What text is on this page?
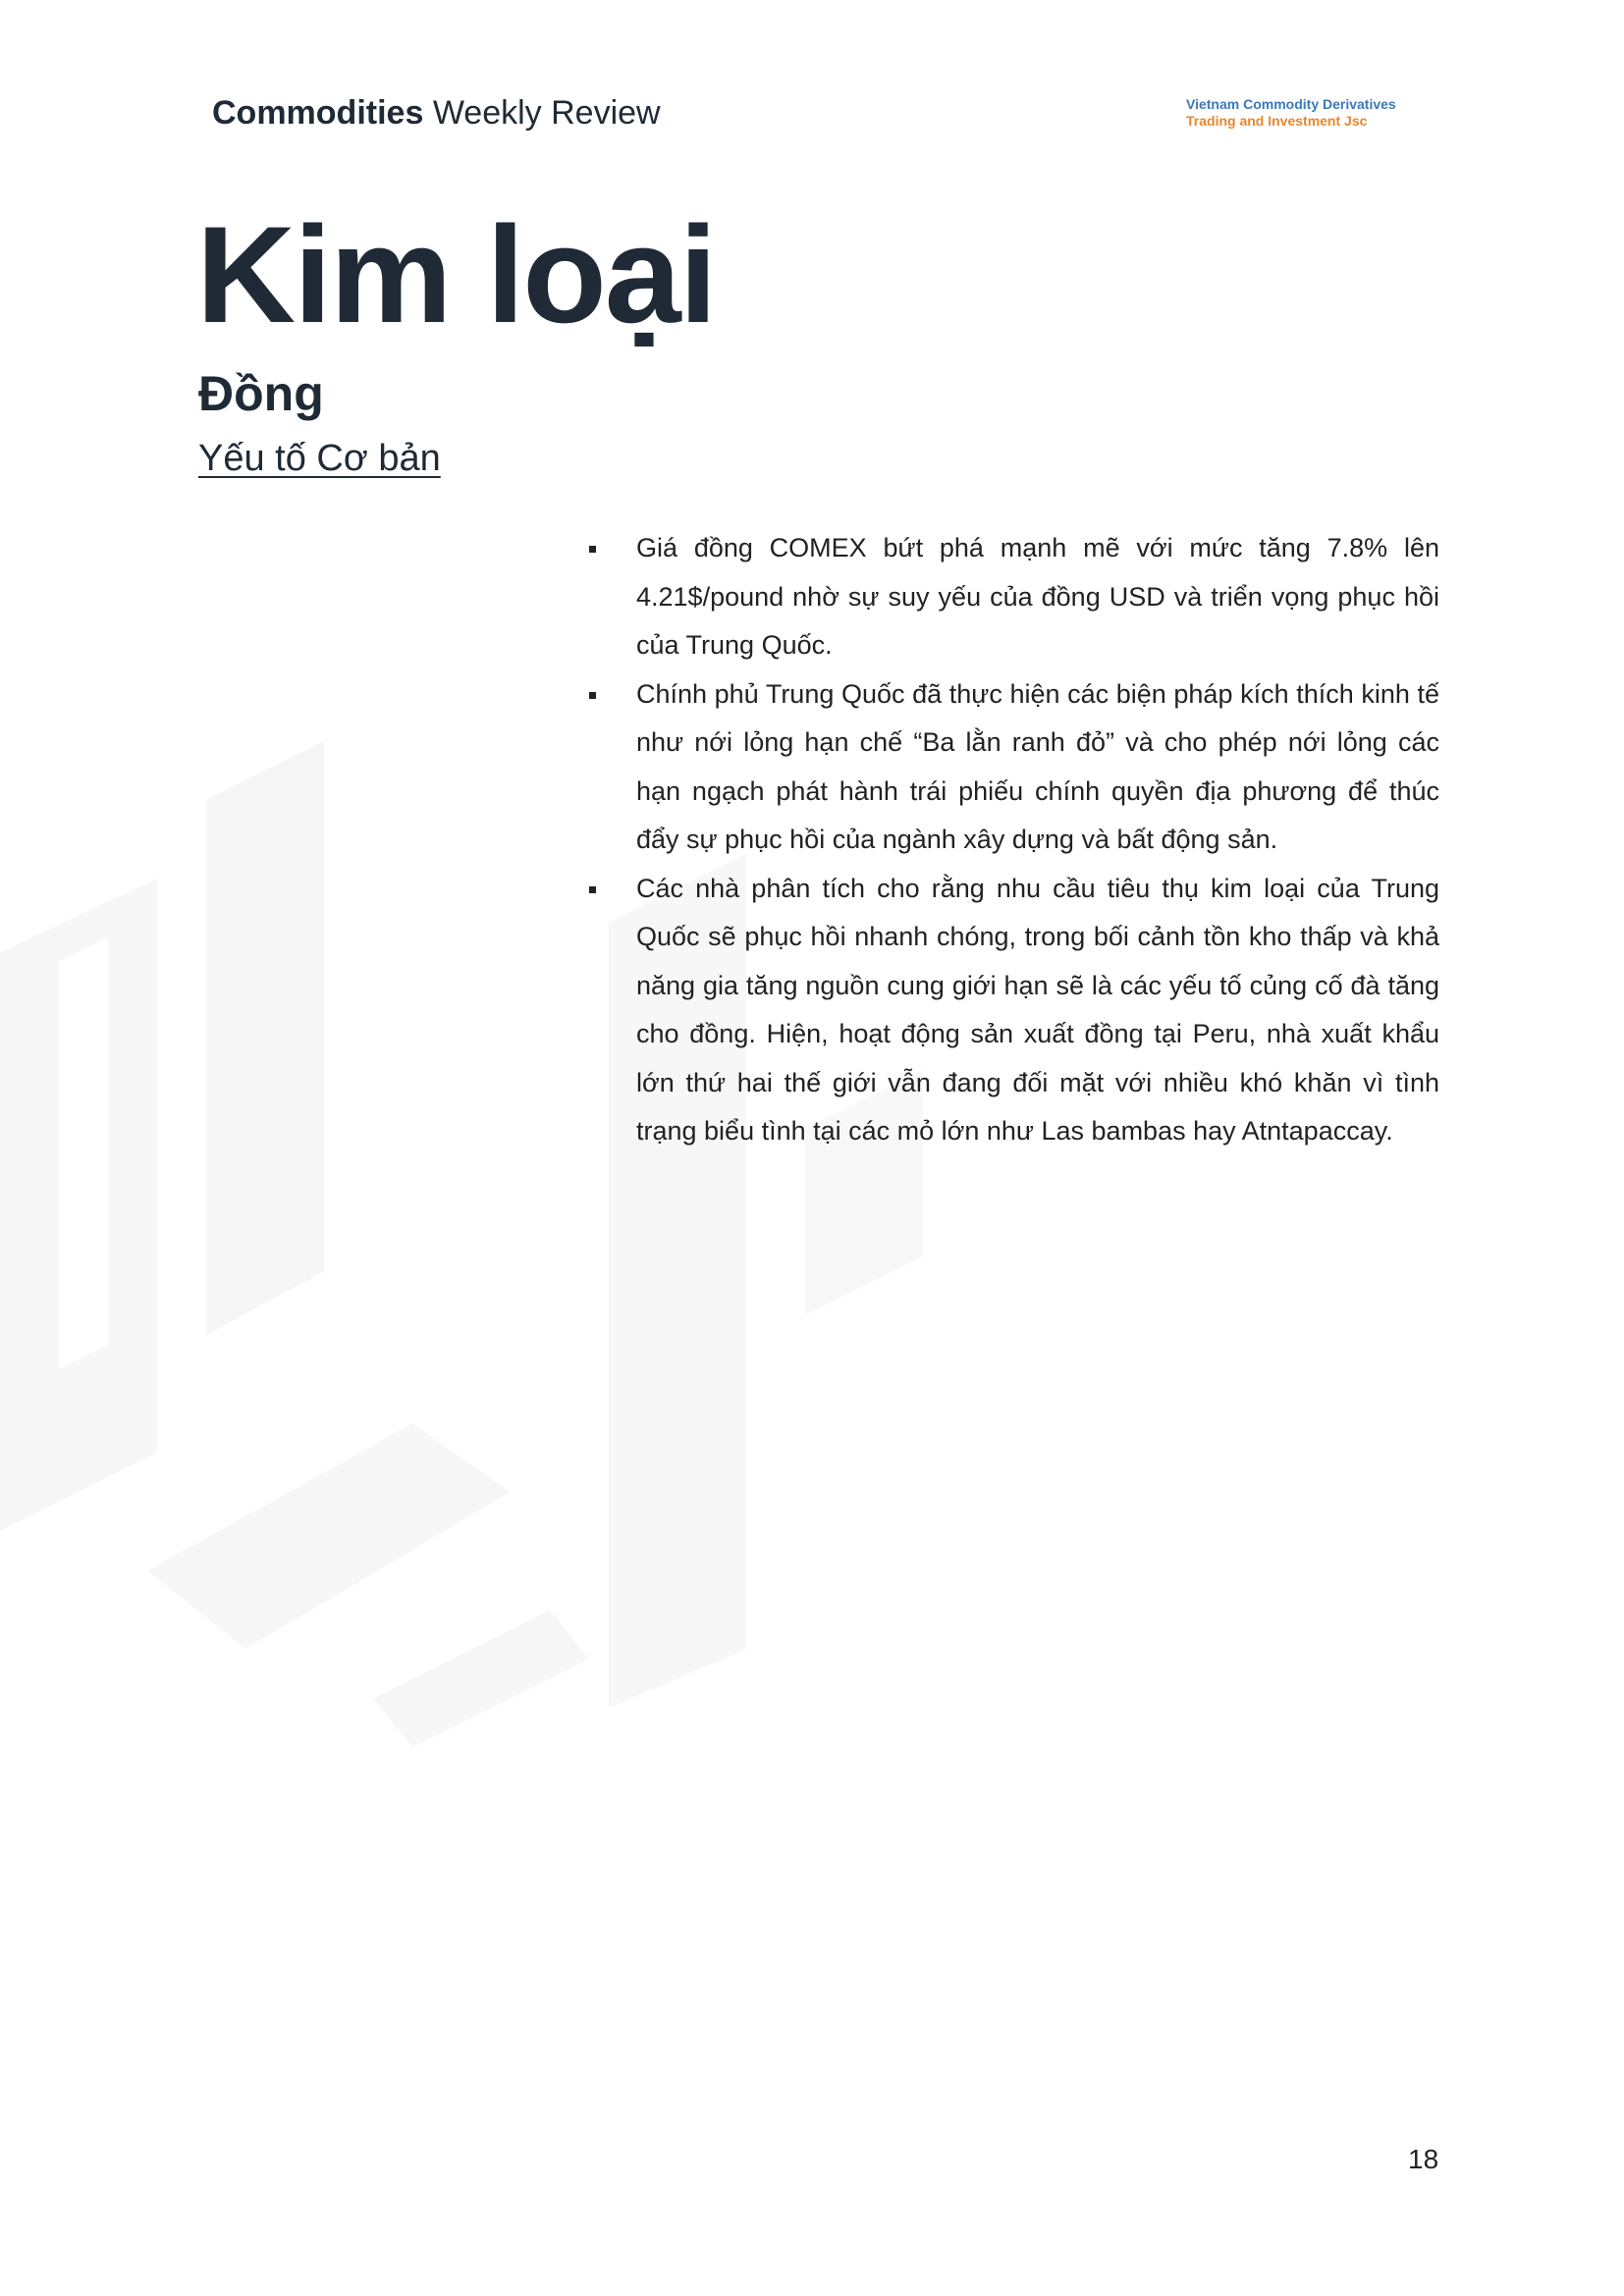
Commodities Weekly Review	Vietnam Commodity Derivatives
Trading and Investment Jsc
Kim loại
Đồng
Yếu tố Cơ bản
Giá đồng COMEX bứt phá mạnh mẽ với mức tăng 7.8% lên 4.21$/pound nhờ sự suy yếu của đồng USD và triển vọng phục hồi của Trung Quốc.
Chính phủ Trung Quốc đã thực hiện các biện pháp kích thích kinh tế như nới lỏng hạn chế “Ba lằn ranh đỏ” và cho phép nới lỏng các hạn ngạch phát hành trái phiếu chính quyền địa phương để thúc đẩy sự phục hồi của ngành xây dựng và bất động sản.
Các nhà phân tích cho rằng nhu cầu tiêu thụ kim loại của Trung Quốc sẽ phục hồi nhanh chóng, trong bối cảnh tồn kho thấp và khả năng gia tăng nguồn cung giới hạn sẽ là các yếu tố củng cố đà tăng cho đồng. Hiện, hoạt động sản xuất đồng tại Peru, nhà xuất khẩu lớn thứ hai thế giới vẫn đang đối mặt với nhiều khó khăn vì tình trạng biểu tình tại các mỏ lớn như Las bambas hay Atntapaccay.
18
